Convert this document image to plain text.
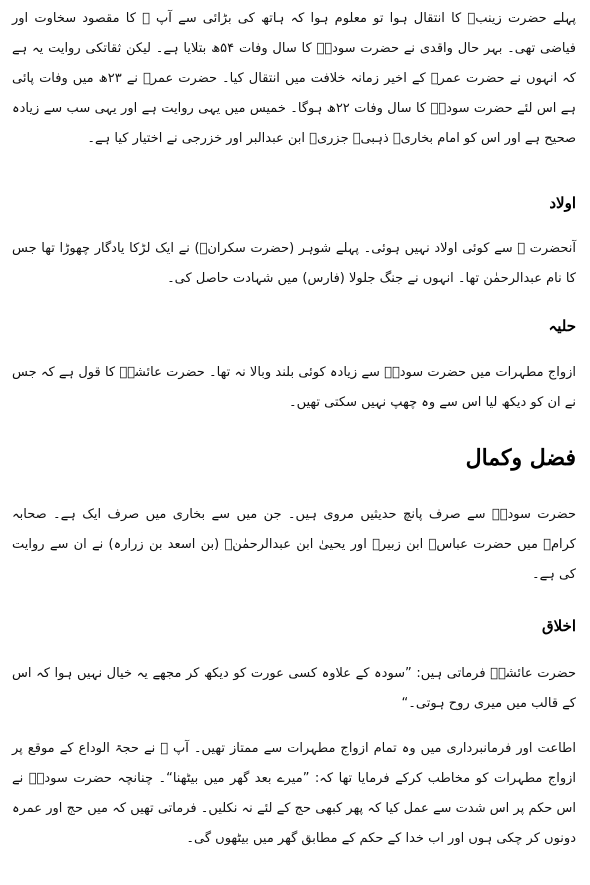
پہلے حضرت زینبؓ کا انتقال ہوا تو معلوم ہوا کہ ہاتھ کی بڑائی سے آپ ﷺ کا مقصود سخاوت اور فیاضی تھی۔ بہر حال واقدی نے حضرت سودہؓ کا سال وفات ۵۴ھ بتلایا ہے۔ لیکن ثقاتکی روایت یہ ہے کہ انہوں نے حضرت عمرؓ کے اخیر زمانہ خلافت میں انتقال کیا۔ حضرت عمرؓ نے ۲۳ھ میں وفات پائی ہے اس لئے حضرت سودہؓ کا سال وفات ۲۲ھ ہوگا۔ خمیس میں یہی روایت ہے اور یہی سب سے زیادہ صحیح ہے اور اس کو امام بخاریؒ ذہبیؒ جزریؒ ابن عبدالبر اور خزرجی نے اختیار کیا ہے۔

اولاد

آنحضرت ﷺ سے کوئی اولاد نہیں ہوئی۔ پہلے شوہر (حضرت سکرانؓ) نے ایک لڑکا یادگار چھوڑا تھا جس کا نام عبدالرحمٰن تھا۔ انہوں نے جنگ جلولا (فارس) میں شہادت حاصل کی۔

حلیہ

ازواج مطہرات میں حضرت سودہؓ سے زیادہ کوئی بلند وبالا نہ تھا۔ حضرت عائشہؓ کا قول ہے کہ جس نے ان کو دیکھ لیا اس سے وہ چھپ نہیں سکتی تھیں۔

فضل وکمال

حضرت سودہؓ سے صرف پانچ حدیثیں مروی ہیں۔ جن میں سے بخاری میں صرف ایک ہے۔ صحابہ کرامؓ میں حضرت عباسؓ ابن زبیرؓ اور یحییٰ ابن عبدالرحمٰنؒ (بن اسعد بن زرارہ) نے ان سے روایت کی ہے۔

اخلاق

حضرت عائشہؓ فرماتی ہیں: ”سودہ کے علاوہ کسی عورت کو دیکھ کر مجھے یہ خیال نہیں ہوا کہ اس کے قالب میں میری روح ہوتی۔“

اطاعت اور فرمانبرداری میں وہ تمام ازواج مطہرات سے ممتاز تھیں۔ آپ ﷺ نے حجۃ الوداع کے موقع پر ازواج مطہرات کو مخاطب کرکے فرمایا تھا کہ: ”میرے بعد گھر میں بیٹھنا“۔ چنانچہ حضرت سودہؓ نے اس حکم پر اس شدت سے عمل کیا کہ پھر کبھی حج کے لئے نہ نکلیں۔ فرماتی تھیں کہ میں حج اور عمرہ دونوں کر چکی ہوں اور اب خدا کے حکم کے مطابق گھر میں بیٹھوں گی۔
